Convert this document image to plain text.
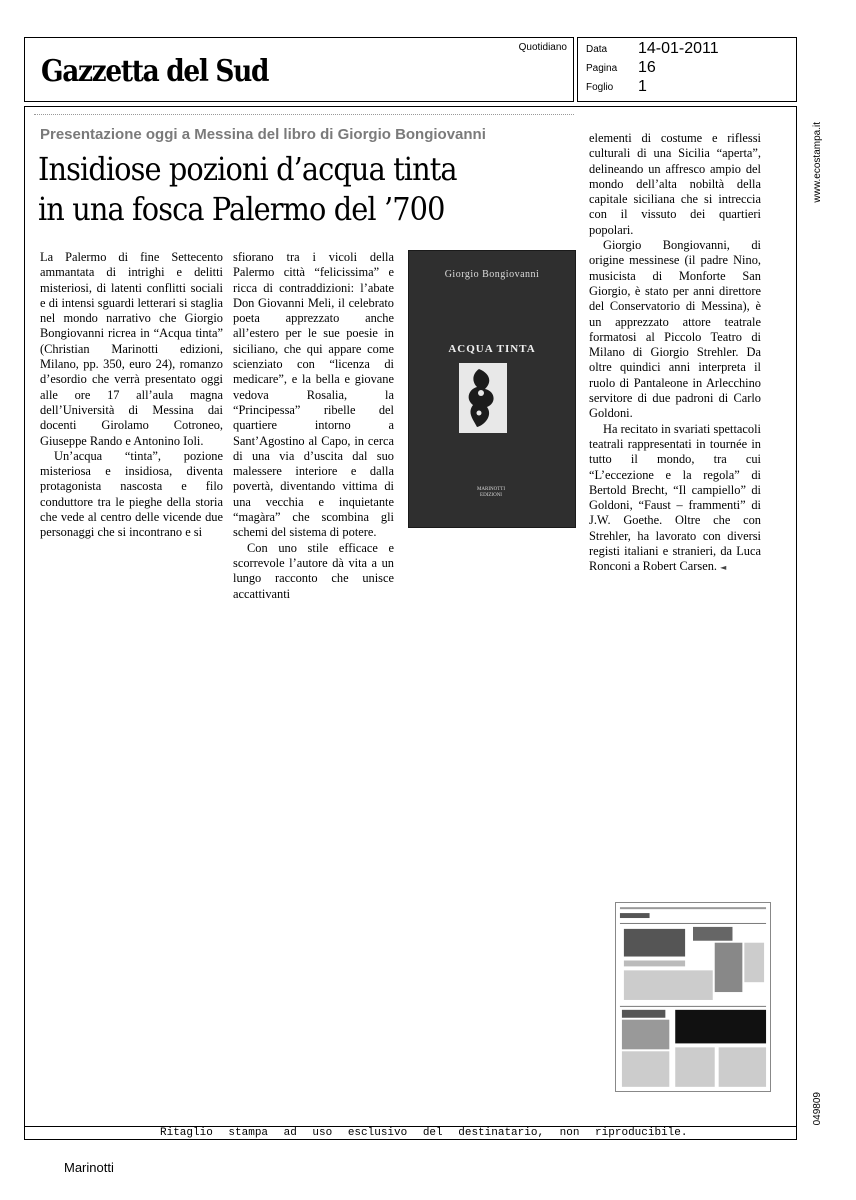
Gazzetta del Sud
Quotidiano Data 14-01-2011
Pagina 16
Foglio 1
Presentazione oggi a Messina del libro di Giorgio Bongiovanni
Insidiose pozioni d’acqua tinta
in una fosca Palermo del ’700

La Palermo di fine Settecento ammantata di intrighi e delitti misteriosi, di latenti conflitti sociali e di intensi sguardi letterari si staglia nel mondo narrativo che Giorgio Bongiovanni ricrea in “Acqua tinta” (Christian Marinotti edizioni, Milano, pp. 350, euro 24), romanzo d’esordio che verrà presentato oggi alle ore 17 all’aula magna dell’Università di Messina dai docenti Girolamo Cotroneo, Giuseppe Rando e Antonino Ioli.

Un’acqua “tinta”, pozione misteriosa e insidiosa, diventa protagonista nascosta e filo conduttore tra le pieghe della storia che vede al centro delle vicende due personaggi che si incontrano e si

sfiorano tra i vicoli della Palermo città “felicissima” e ricca di contraddizioni: l’abate Don Giovanni Meli, il celebrato poeta apprezzato anche all’estero per le sue poesie in siciliano, che qui appare come scienziato con “licenza di medicare”, e la bella e giovane vedova Rosalia, la “Principessa” ribelle del quartiere intorno a Sant’Agostino al Capo, in cerca di una via d’uscita dal suo malessere interiore e dalla povertà, diventando vittima di una vecchia e inquietante “magàra” che scombina gli schemi del sistema di potere.

Con uno stile efficace e scorrevole l’autore dà vita a un lungo racconto che unisce accattivanti

Giorgio Bongiovanni
ACQUA TINTA
MARINOTTI EDIZIONI

elementi di costume e riflessi culturali di una Sicilia “aperta”, delineando un affresco ampio del mondo dell’alta nobiltà della capitale siciliana che si intreccia con il vissuto dei quartieri popolari.

Giorgio Bongiovanni, di origine messinese (il padre Nino, musicista di Monforte San Giorgio, è stato per anni direttore del Conservatorio di Messina), è un apprezzato attore teatrale formatosi al Piccolo Teatro di Milano di Giorgio Strehler. Da oltre quindici anni interpreta il ruolo di Pantaleone in Arlecchino servitore di due padroni di Carlo Goldoni.

Ha recitato in svariati spettacoli teatrali rappresentati in tournée in tutto il mondo, tra cui “L’eccezione e la regola” di Bertold Brecht, “Il campiello” di Goldoni, “Faust – frammenti” di J.W. Goethe. Oltre che con Strehler, ha lavorato con diversi registi italiani e stranieri, da Luca Ronconi a Robert Carsen. ◄

www.ecostampa.it
049809
Ritaglio stampa ad uso esclusivo del destinatario, non riproducibile.
Marinotti
